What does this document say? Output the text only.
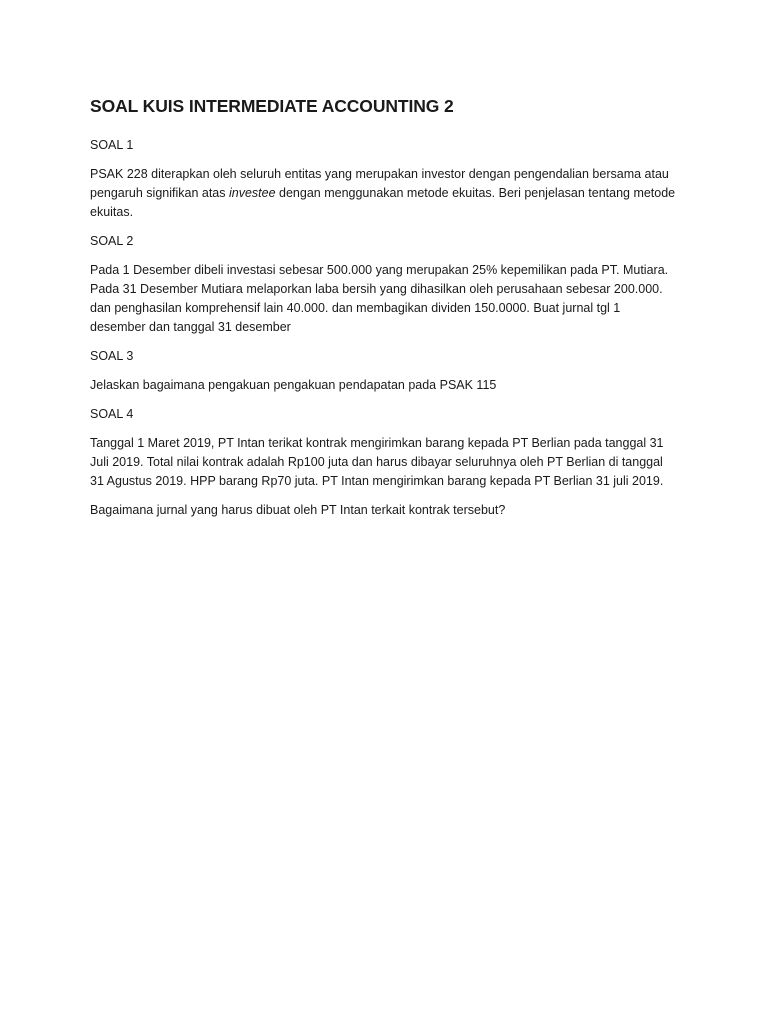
SOAL KUIS INTERMEDIATE ACCOUNTING 2
SOAL 1
PSAK 228 diterapkan oleh seluruh entitas yang merupakan investor dengan pengendalian bersama atau
pengaruh signifikan atas investee dengan menggunakan metode ekuitas. Beri penjelasan tentang metode
ekuitas.
SOAL 2
Pada 1 Desember dibeli investasi sebesar 500.000 yang merupakan 25% kepemilikan pada PT. Mutiara.
Pada 31 Desember Mutiara melaporkan laba bersih yang dihasilkan oleh perusahaan sebesar 200.000.
dan penghasilan komprehensif lain 40.000. dan membagikan dividen 150.0000. Buat jurnal tgl 1
desember dan tanggal 31 desember
SOAL 3
Jelaskan bagaimana pengakuan pengakuan pendapatan pada PSAK 115
SOAL 4
Tanggal 1 Maret 2019, PT Intan terikat kontrak mengirimkan barang kepada PT Berlian pada tanggal 31
Juli 2019. Total nilai kontrak adalah Rp100 juta dan harus dibayar seluruhnya oleh PT Berlian di tanggal
31 Agustus 2019. HPP barang Rp70 juta. PT Intan mengirimkan barang kepada PT Berlian 31 juli 2019.
Bagaimana jurnal yang harus dibuat oleh PT Intan terkait kontrak tersebut?
